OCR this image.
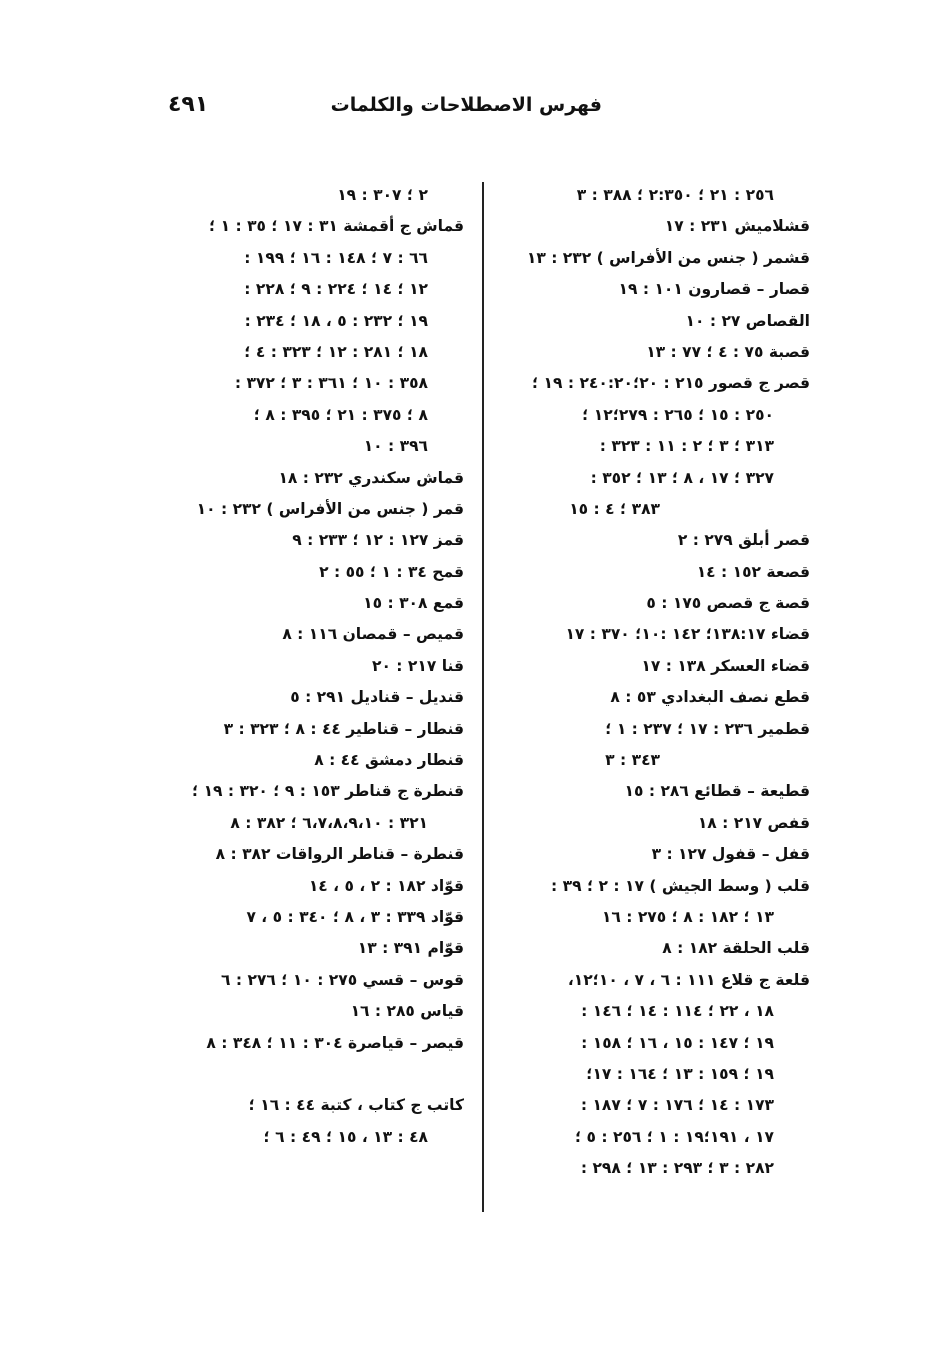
فهرس الاصطلاحات والكلمات
٤٩١
٢٥٦ : ٢١ ؛ ٢:٣٥٠ ؛ ٣٨٨ : ٣
قشلاميش ٢٣١ : ١٧
قشمر ( جنس من الأفراس ) ٢٣٢ : ١٣
قصار – قصارون ١٠١ : ١٩
القصاص ٢٧ : ١٠
قصبة ٧٥ : ٤ ؛ ٧٧ : ١٣
قصر ج قصور ٢١٥ : ٢٠؛٢٤٠:٢٠ : ١٩ ؛
٢٥٠ : ١٥ ؛ ٢٦٥ : ٢٧٩؛١٢ ؛
٣١٣ ؛ ٣ ؛ ٢ : ١١ : ٣٢٣ :
٣٢٧ ؛ ١٧ ، ٨ ؛ ١٣ ؛ ٣٥٢ :
٣٨٣ ؛ ٤ : ١٥
قصر أبلق ٢٧٩ : ٢
قصعة ١٥٢ : ١٤
قصة ج قصص ١٧٥ : ٥
قضاء ١٣٨:١٧؛ ١٤٢ :١٠؛ ٣٧٠ : ١٧
قضاء العسكر ١٣٨ : ١٧
قطع نصف البغدادي ٥٣ : ٨
قطمير ٢٣٦ : ١٧ ؛ ٢٣٧ : ١ ؛
٣٤٣ : ٣
قطيعة – قطائع ٢٨٦ : ١٥
قفص ٢١٧ : ١٨
قفل – قفول ١٢٧ : ٣
قلب ( وسط الجيش ) ١٧ : ٢ ؛ ٣٩ :
١٣ ؛ ١٨٢ : ٨ ؛ ٢٧٥ : ١٦
قلب الحلقة ١٨٢ : ٨
قلعة ج قلاع ١١١ : ٦ ، ٧ ، ١٠؛١٢،
١٨ ، ٢٢ ؛ ١١٤ : ١٤ ؛ ١٤٦ :
١٩ ؛ ١٤٧ : ١٥ ، ١٦ ؛ ١٥٨ :
١٩ ؛ ١٥٩ : ١٣ ؛ ١٦٤ : ١٧؛
١٧٣ : ١٤ ؛ ١٧٦ : ٧ ؛ ١٨٧ :
١٧ ، ١٩١؛١٩ : ١ ؛ ٢٥٦ : ٥ ؛
٢٨٢ : ٣ ؛ ٢٩٣ : ١٣ ؛ ٢٩٨ :
٢ ؛ ٣٠٧ : ١٩
قماش ج أقمشة ٣١ : ١٧ ؛ ٣٥ : ١ ؛
٦٦ : ٧ ؛ ١٤٨ : ١٦ ؛ ١٩٩ :
١٢ ؛ ١٤ ؛ ٢٢٤ : ٩ ؛ ٢٢٨ :
١٩ ؛ ٢٣٢ : ٥ ، ١٨ ؛ ٢٣٤ :
١٨ ؛ ٢٨١ : ١٢ ؛ ٣٢٣ : ٤ ؛
٣٥٨ : ١٠ ؛ ٣٦١ : ٣ ؛ ٣٧٢ :
٨ ؛ ٣٧٥ : ٢١ ؛ ٣٩٥ : ٨ ؛
٣٩٦ : ١٠
قماش سكندري ٢٣٢ : ١٨
قمر ( جنس من الأفراس ) ٢٣٢ : ١٠
قمز ١٢٧ : ١٢ ؛ ٢٣٣ : ٩
قمح ٣٤ : ١ ؛ ٥٥ : ٢
قمع ٣٠٨ : ١٥
قميص – قمصان ١١٦ : ٨
قنا ٢١٧ : ٢٠
قنديل – قناديل ٢٩١ : ٥
قنطار – قناطير ٤٤ : ٨ ؛ ٣٢٣ : ٣
قنطار دمشق ٤٤ : ٨
قنطرة ج قناطر ١٥٣ : ٩ ؛ ٣٢٠ : ١٩ ؛
٣٢١ : ٦،٧،٨،٩،١٠ ؛ ٣٨٢ : ٨
قنطرة – قناطر الرواقات ٣٨٢ : ٨
قوّاد ١٨٢ : ٢ ، ٥ ، ١٤
قوّاد ٣٣٩ : ٣ ، ٨ ؛ ٣٤٠ : ٥ ، ٧
قوّام ٣٩١ : ١٣
قوس – قسي ٢٧٥ : ١٠ ؛ ٢٧٦ : ٦
قياس ٢٨٥ : ١٦
قيصر – قياصرة ٣٠٤ : ١١ ؛ ٣٤٨ : ٨
كاتب ج كتاب ، كتبة ٤٤ : ١٦ ؛
٤٨ : ١٣ ، ١٥ ؛ ٤٩ : ٦ ؛
